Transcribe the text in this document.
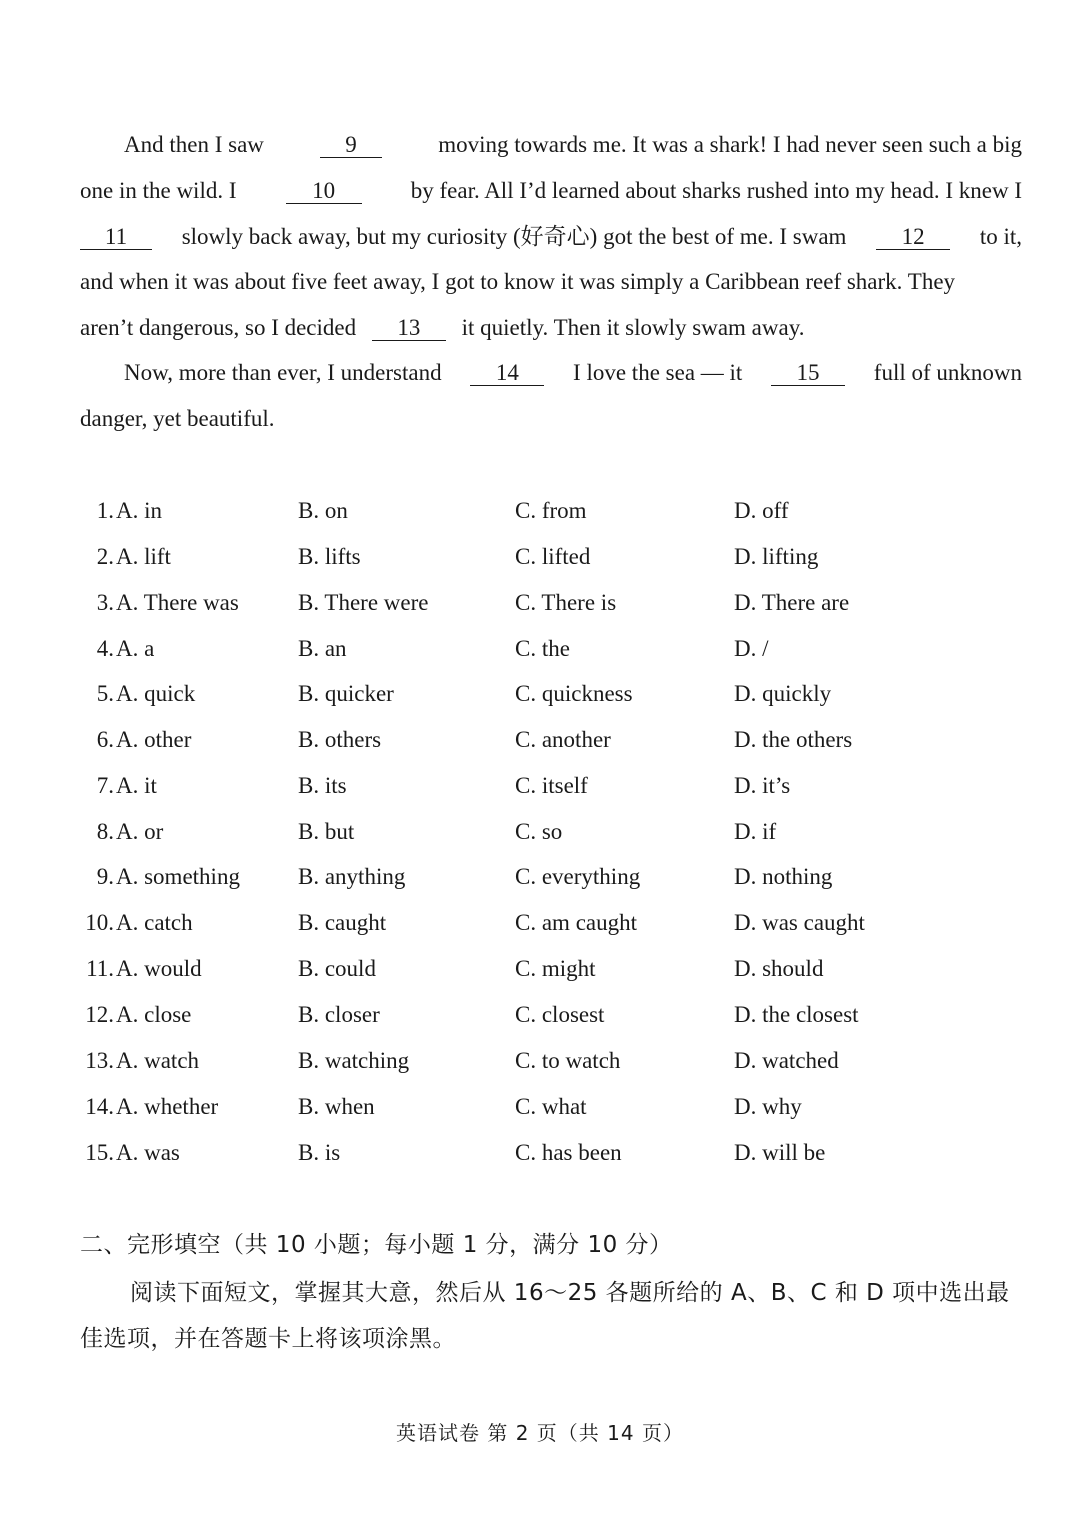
And then I saw	9	moving towards me. It was a shark! I had never seen such a big
one in the wild. I	10	by fear. All I’d learned about sharks rushed into my head. I knew I
11	slowly back away, but my curiosity (好奇心) got the best of me. I swam	12	to it,
and when it was about five feet away, I got to know it was simply a Caribbean reef shark. They
aren’t dangerous, so I decided 13 it quietly. Then it slowly swam away.
Now, more than ever, I understand	14	I love the sea — it	15	full of unknown
danger, yet beautiful.
1. A. in	B. on	C. from	D. off
2. A. lift	B. lifts	C. lifted	D. lifting
3. A. There was	B. There were	C. There is	D. There are
4. A. a	B. an	C. the	D. /
5. A. quick	B. quicker	C. quickness	D. quickly
6. A. other	B. others	C. another	D. the others
7. A. it	B. its	C. itself	D. it’s
8. A. or	B. but	C. so	D. if
9. A. something	B. anything	C. everything	D. nothing
10. A. catch	B. caught	C. am caught	D. was caught
11. A. would	B. could	C. might	D. should
12. A. close	B. closer	C. closest	D. the closest
13. A. watch	B. watching	C. to watch	D. watched
14. A. whether	B. when	C. what	D. why
15. A. was	B. is	C. has been	D. will be
二、完形填空（共 10 小题；每小题 1 分，满分 10 分）
阅读下面短文，掌握其大意，然后从 16～25 各题所给的 A、B、C 和 D 项中选出最
佳选项，并在答题卡上将该项涂黑。
英语试卷 第 2 页（共 14 页）
